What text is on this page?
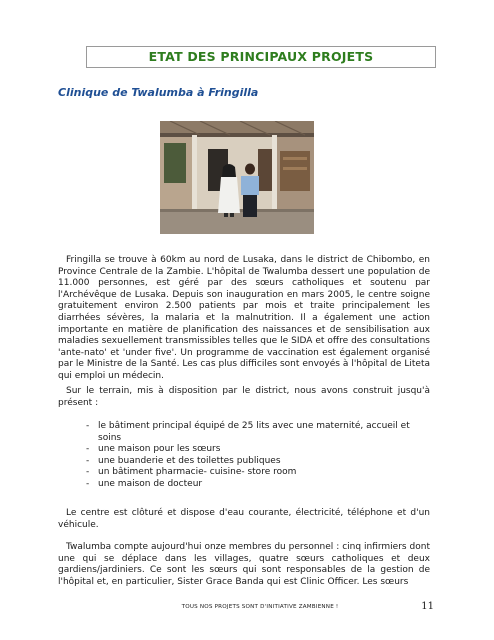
ETAT DES PRINCIPAUX PROJETS
Clinique de Twalumba à Fringilla

Fringilla se trouve à 60km au nord de Lusaka, dans le district de Chibombo, en Province Centrale de la Zambie. L'hôpital de Twalumba dessert une population de 11.000 personnes, est géré par des sœurs catholiques et soutenu par l'Archévêque de Lusaka. Depuis son inauguration en mars 2005, le centre soigne gratuitement environ 2.500 patients par mois et traite principalement les diarrhées sévères, la malaria et la malnutrition. Il a également une action importante en matière de planification des naissances et de sensibilisation aux maladies sexuellement transmissibles telles que le SIDA et offre des consultations 'ante-nato' et 'under five'. Un programme de vaccination est également organisé par le Ministre de la Santé. Les cas plus difficiles sont envoyés à l'hôpital de Liteta qui emploi un médecin.

Sur le terrain, mis à disposition par le district, nous avons construit jusqu'à présent :

- le bâtiment principal équipé de 25 lits avec une maternité, accueil et soins
- une maison pour les sœurs
- une buanderie et des toilettes publiques
- un bâtiment pharmacie- cuisine- store room
- une maison de docteur

Le centre est clôturé et dispose d'eau courante, électricité, téléphone et d'un véhicule.

Twalumba compte aujourd'hui onze membres du personnel : cinq infirmiers dont une qui se déplace dans les villages, quatre sœurs catholiques et deux gardiens/jardiniers. Ce sont les sœurs qui sont responsables de la gestion de l'hôpital et, en particulier, Sister Grace Banda qui est Clinic Officer. Les sœurs

TOUS NOS PROJETS SONT D'INITIATIVE ZAMBIENNE !	11
